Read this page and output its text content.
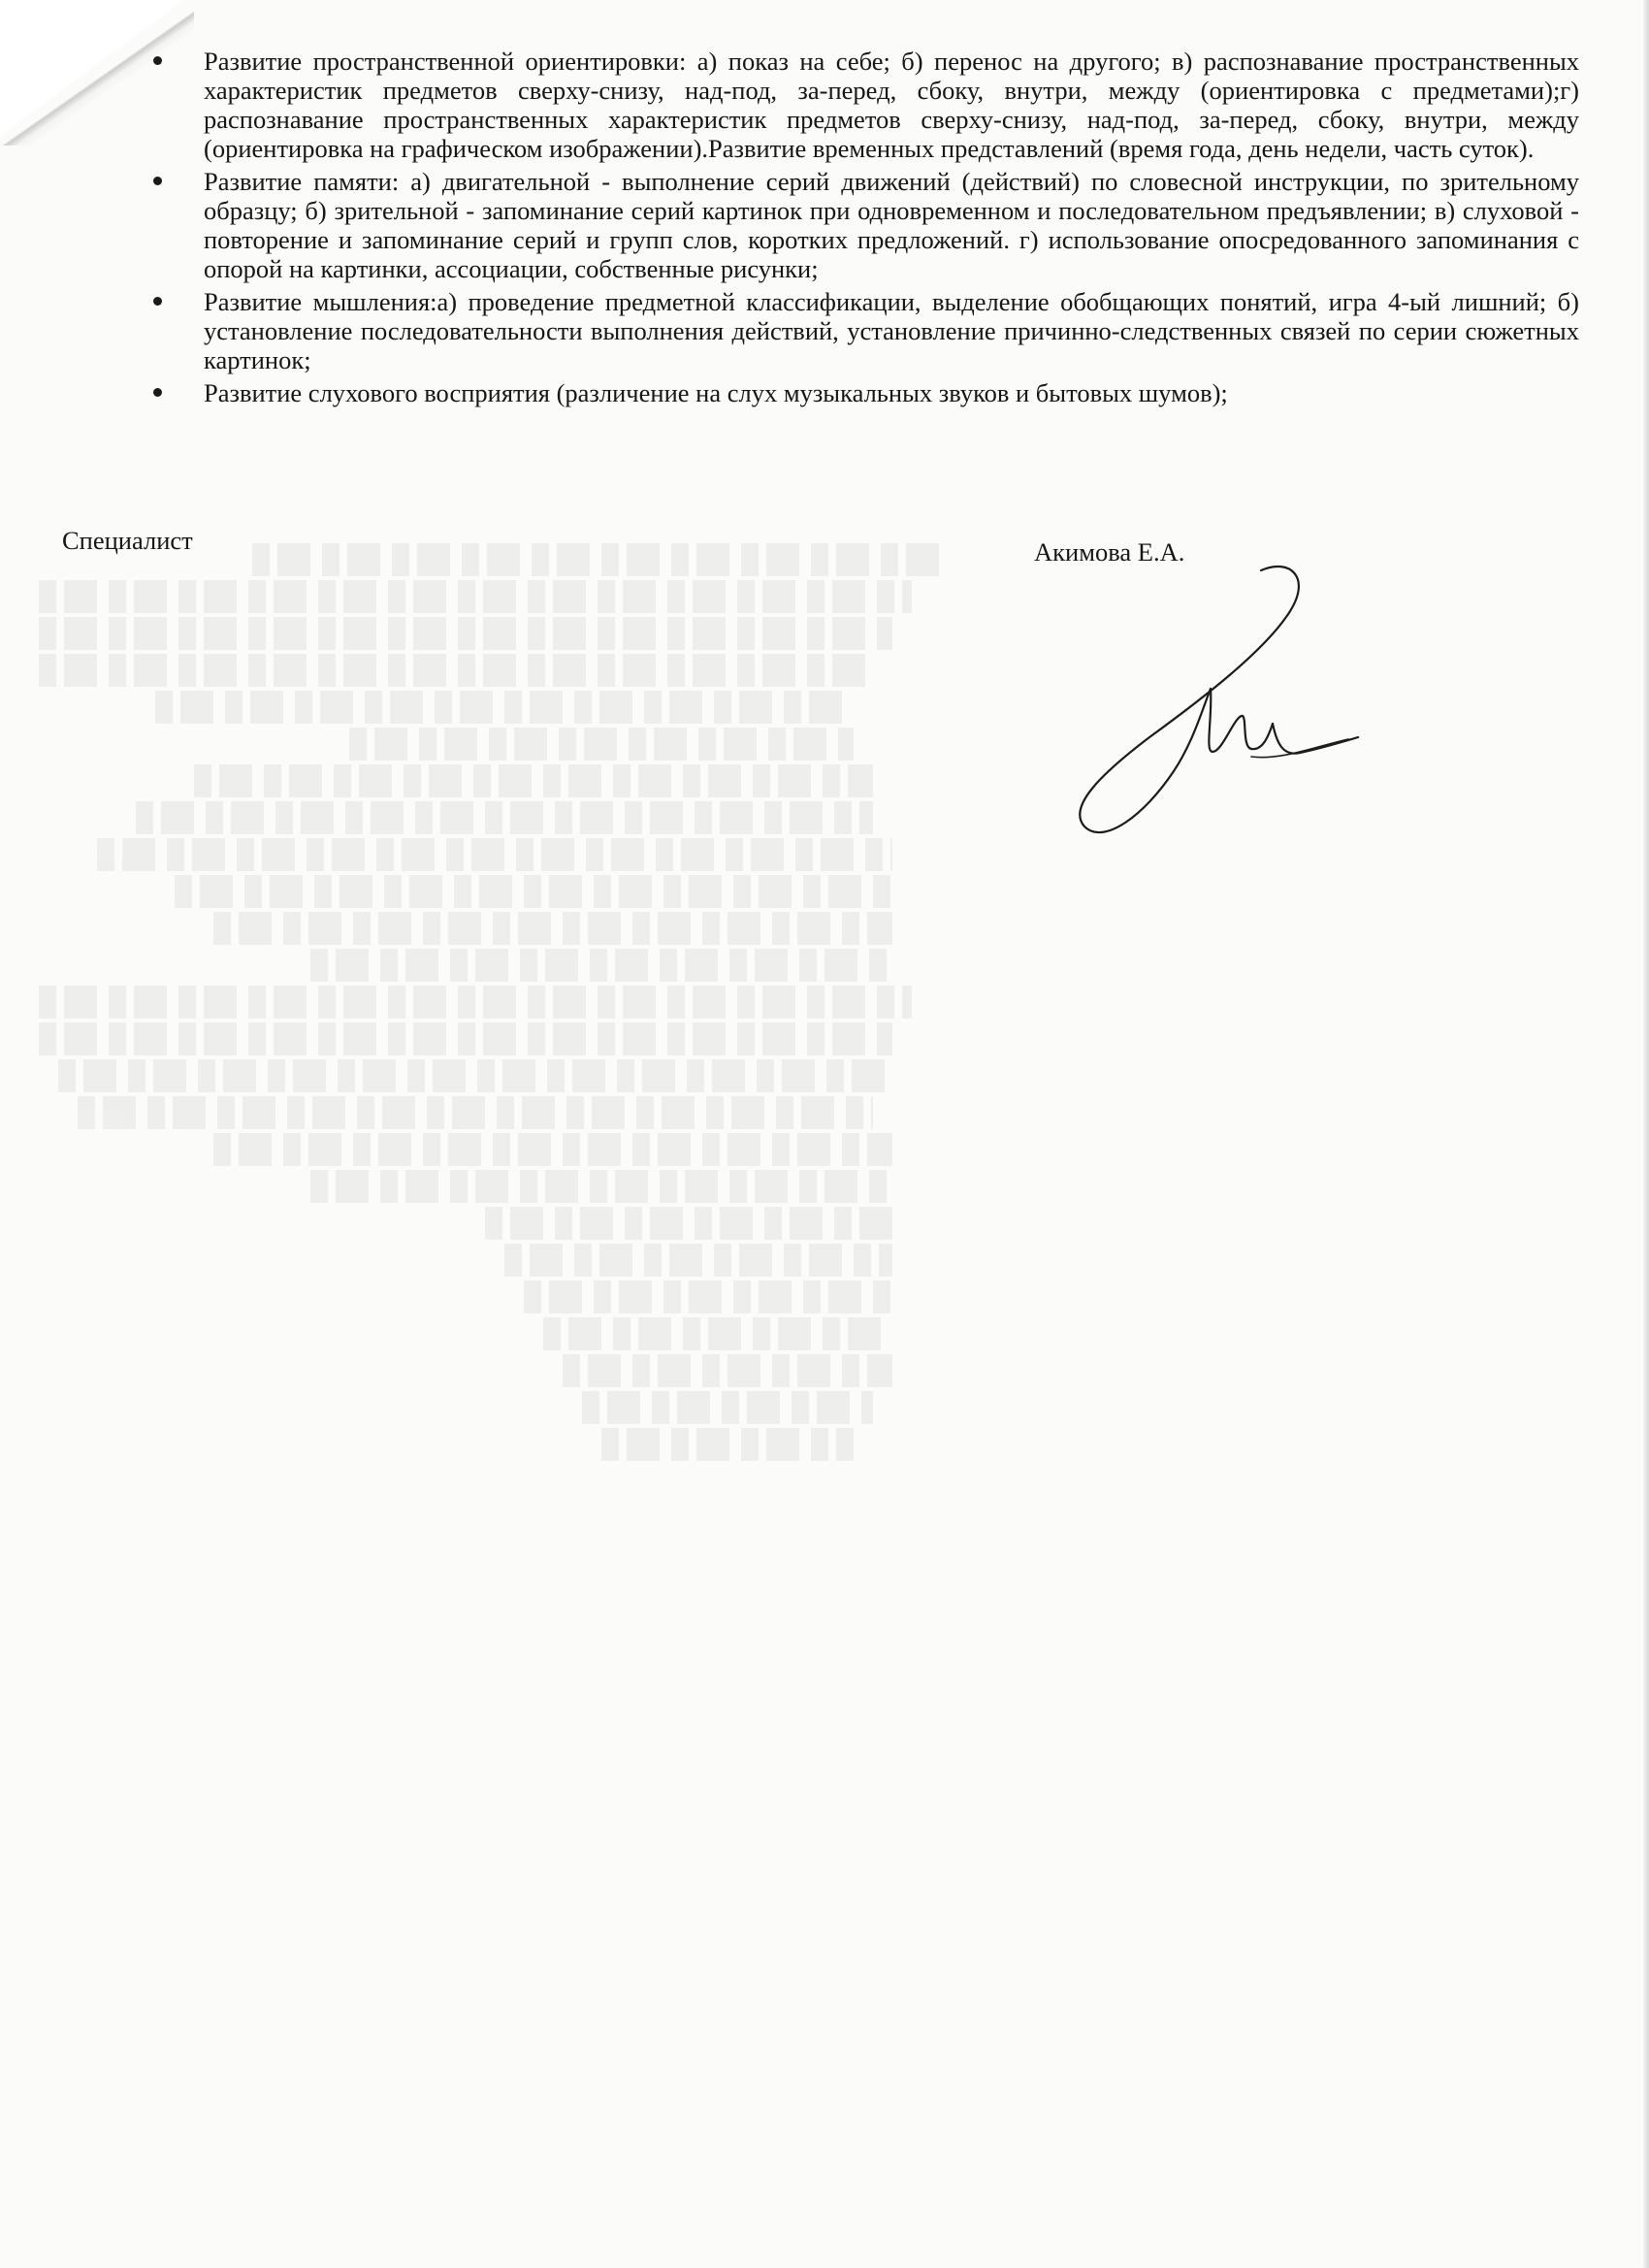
Развитие пространственной ориентировки: а) показ на себе; б) перенос на другого; в) распознавание пространственных характеристик предметов сверху-снизу, над-под, за-перед, сбоку, внутри, между (ориентировка с предметами);г) распознавание пространственных характеристик предметов сверху-снизу, над-под, за-перед, сбоку, внутри, между (ориентировка на графическом изображении).Развитие временных представлений (время года, день недели, часть суток).
Развитие памяти: а) двигательной - выполнение серий движений (действий) по словесной инструкции, по зрительному образцу; б) зрительной - запоминание серий картинок при одновременном и последовательном предъявлении; в) слуховой - повторение и запоминание серий и групп слов, коротких предложений. г) использование опосредованного запоминания с опорой на картинки, ассоциации, собственные рисунки;
Развитие мышления:а) проведение предметной классификации, выделение обобщающих понятий, игра 4-ый лишний; б) установление последовательности выполнения действий, установление причинно-следственных связей по серии сюжетных картинок;
Развитие слухового восприятия (различение на слух музыкальных звуков и бытовых шумов);
Специалист	Акимова Е.А.
